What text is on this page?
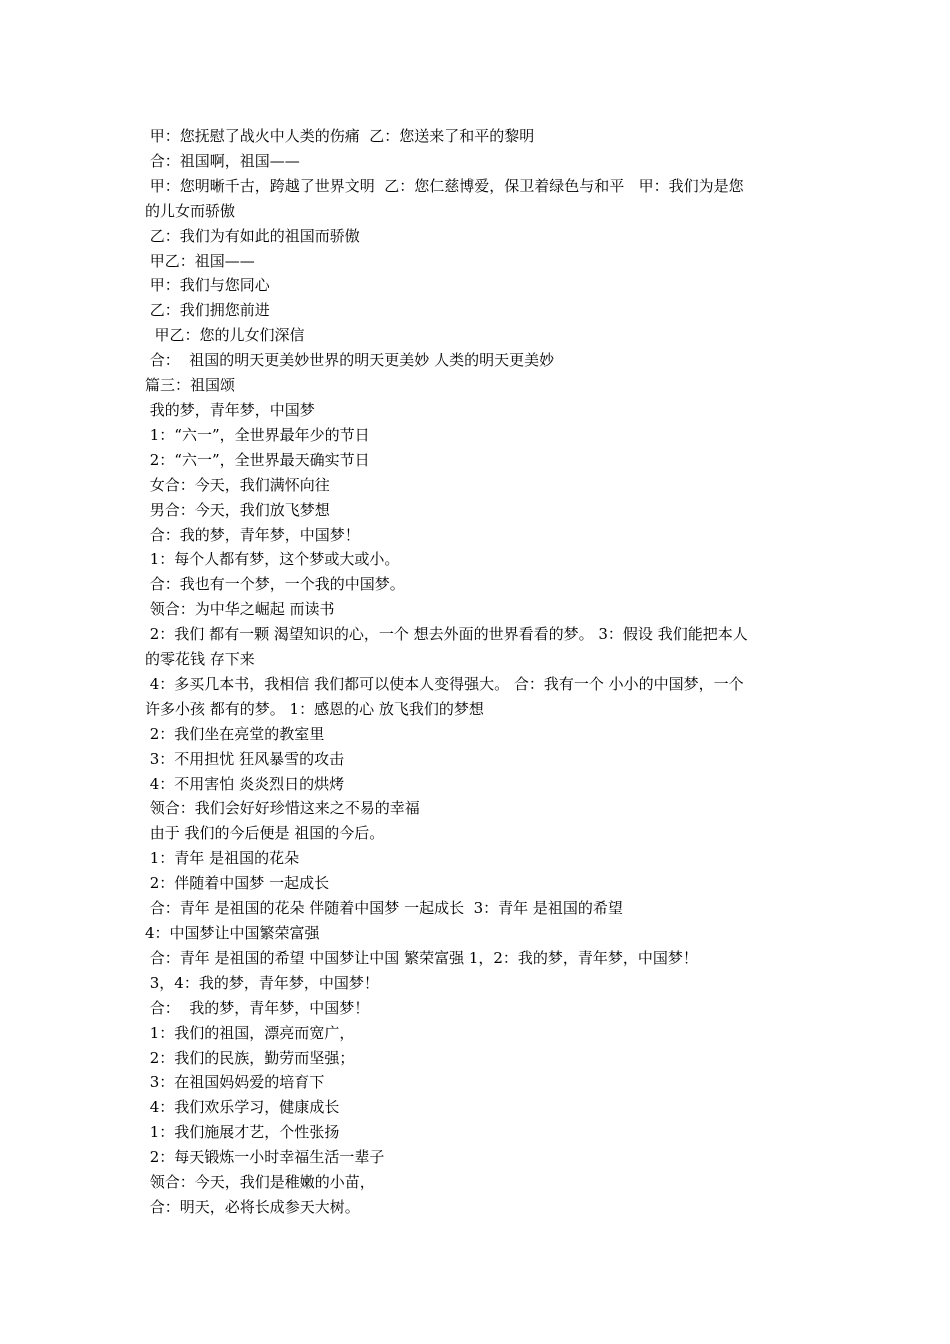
甲：您抚慰了战火中人类的伤痛  乙：您送来了和平的黎明
合：祖国啊，祖国——
甲：您明晰千古，跨越了世界文明  乙：您仁慈博爱，保卫着绿色与和平   甲：我们为是您
的儿女而骄傲
乙：我们为有如此的祖国而骄傲
甲乙：祖国——
甲：我们与您同心
乙：我们拥您前进
甲乙：您的儿女们深信
合：  祖国的明天更美妙世界的明天更美妙 人类的明天更美妙
篇三：祖国颂
我的梦，青年梦，中国梦
1：“六一”，全世界最年少的节日
2：“六一”，全世界最天确实节日
女合：今天，我们满怀向往
男合：今天，我们放飞梦想
合：我的梦，青年梦，中国梦！
1：每个人都有梦，这个梦或大或小。
合：我也有一个梦，一个我的中国梦。
领合：为中华之崛起 而读书
2：我们 都有一颗 渴望知识的心，一个 想去外面的世界看看的梦。 3：假设 我们能把本人
的零花钱 存下来
4：多买几本书，我相信 我们都可以使本人变得强大。 合：我有一个 小小的中国梦，一个
许多小孩 都有的梦。 1：感恩的心 放飞我们的梦想
2：我们坐在亮堂的教室里
3：不用担忧 狂风暴雪的攻击
4：不用害怕 炎炎烈日的烘烤
领合：我们会好好珍惜这来之不易的幸福
由于 我们的今后便是 祖国的今后。
1：青年 是祖国的花朵
2：伴随着中国梦 一起成长
合：青年 是祖国的花朵 伴随着中国梦 一起成长  3：青年 是祖国的希望
4：中国梦让中国繁荣富强
合：青年 是祖国的希望 中国梦让中国 繁荣富强 1，2：我的梦，青年梦，中国梦！
3，4：我的梦，青年梦，中国梦！
合：  我的梦，青年梦，中国梦！
1：我们的祖国，漂亮而宽广，
2：我们的民族，勤劳而坚强；
3：在祖国妈妈爱的培育下
4：我们欢乐学习，健康成长
1：我们施展才艺，个性张扬
2：每天锻炼一小时幸福生活一辈子
领合：今天，我们是稚嫩的小苗，
合：明天，必将长成参天大树。
